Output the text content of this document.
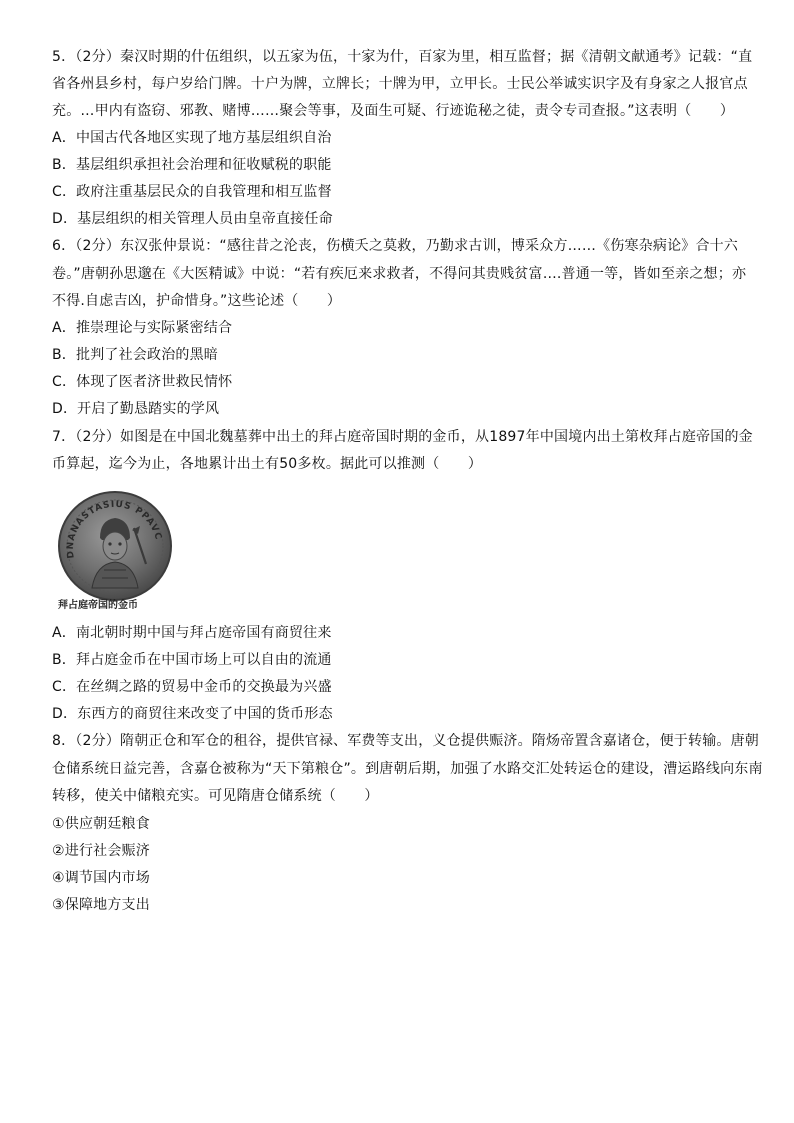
5．（2分）秦汉时期的什伍组织，以五家为伍，十家为什，百家为里，相互监督；据《清朝文献通考》记载：“直
省各州县乡村，每户岁给门牌。十户为牌，立牌长；十牌为甲，立甲长。士民公举诚实识字及有身家之人报官点
充。…甲内有盗窃、邪教、赌博……聚会等事，及面生可疑、行迹诡秘之徒，责令专司查报。”这表明（　　）
A．中国古代各地区实现了地方基层组织自治
B．基层组织承担社会治理和征收赋税的职能
C．政府注重基层民众的自我管理和相互监督
D．基层组织的相关管理人员由皇帝直接任命
6．（2分）东汉张仲景说：“感往昔之沦丧，伤横夭之莫救，乃勤求古训，博采众方……《伤寒杂病论》合十六
卷。”唐朝孙思邈在《大医精诚》中说：“若有疾厄来求救者，不得问其贵贱贫富….普通一等，皆如至亲之想；亦
不得.自虑吉凶，护命惜身。”这些论述（　　）
A．推崇理论与实际紧密结合
B．批判了社会政治的黑暗
C．体现了医者济世救民情怀
D．开启了勤恳踏实的学风
7．（2分）如图是在中国北魏墓葬中出土的拜占庭帝国时期的金币，从1897年中国境内出土第枚拜占庭帝国的金
币算起，迄今为止，各地累计出土有50多枚。据此可以推测（　　）
DNANASTASIUS PPAVC
拜占庭帝国的金币
A．南北朝时期中国与拜占庭帝国有商贸往来
B．拜占庭金币在中国市场上可以自由的流通
C．在丝绸之路的贸易中金币的交换最为兴盛
D．东西方的商贸往来改变了中国的货币形态
8．（2分）隋朝正仓和军仓的租谷，提供官禄、军费等支出，义仓提供赈济。隋炀帝置含嘉诸仓，便于转输。唐朝
仓储系统日益完善，含嘉仓被称为“天下第粮仓”。到唐朝后期，加强了水路交汇处转运仓的建设，漕运路线向东南
转移，使关中储粮充实。可见隋唐仓储系统（　　）
①供应朝廷粮食
②进行社会赈济
④调节国内市场
③保障地方支出
